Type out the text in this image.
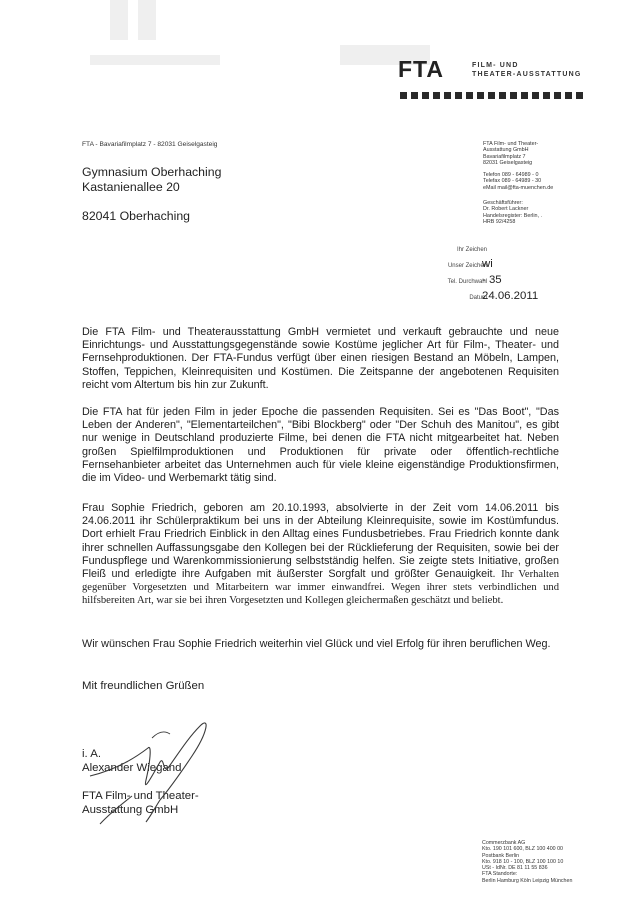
FTA	FILM- UND
THEATER-AUSSTATTUNG
FTA - Bavariafilmplatz 7 - 82031 Geiselgasteig
Gymnasium Oberhaching
Kastanienallee 20
82041 Oberhaching
FTA Film- und Theater-
Ausstattung GmbH
Bavariafilmplatz 7
82031 Geiselgasteig
Telefon 089 - 64989 - 0
Telefax 089 - 64989 - 30
eMail mail@fta-muenchen.de
Geschäftsführer:
Dr. Robert Lackner
Handelsregister: Berlin, .
HRB 92/4258
Ihr Zeichen
Unser Zeichen
wi
Tel. Durchwahl
- 35
Datum
24.06.2011
Die FTA Film- und Theaterausstattung GmbH vermietet und verkauft gebrauchte und neue Einrichtungs- und Ausstattungsgegenstände sowie Kostüme jeglicher Art für Film-, Theater- und Fernsehproduktionen. Der FTA-Fundus verfügt über einen riesigen Bestand an Möbeln, Lampen, Stoffen, Teppichen, Kleinrequisiten und Kostümen. Die Zeitspanne der angebotenen Requisiten reicht vom Altertum bis hin zur Zukunft.
Die FTA hat für jeden Film in jeder Epoche die passenden Requisiten. Sei es "Das Boot", "Das Leben der Anderen", "Elementarteilchen", "Bibi Blockberg" oder "Der Schuh des Manitou", es gibt nur wenige in Deutschland produzierte Filme, bei denen die FTA nicht mitgearbeitet hat. Neben großen Spielfilmproduktionen und Produktionen für private oder öffentlich-rechtliche Fernsehanbieter arbeitet das Unternehmen auch für viele kleine eigenständige Produktionsfirmen, die im Video- und Werbemarkt tätig sind.
Frau Sophie Friedrich, geboren am 20.10.1993, absolvierte in der Zeit vom 14.06.2011 bis 24.06.2011 ihr Schülerpraktikum bei uns in der Abteilung Kleinrequisite, sowie im Kostümfundus. Dort erhielt Frau Friedrich Einblick in den Alltag eines Fundusbetriebes. Frau Friedrich konnte dank ihrer schnellen Auffassungsgabe den Kollegen bei der Rücklieferung der Requisiten, sowie bei der Funduspflege und Warenkommissionierung selbstständig helfen. Sie zeigte stets Initiative, großen Fleiß und erledigte ihre Aufgaben mit äußerster Sorgfalt und größter Genauigkeit. Ihr Verhalten gegenüber Vorgesetzten und Mitarbeitern war immer einwandfrei. Wegen ihrer stets verbindlichen und hilfsbereiten Art, war sie bei ihren Vorgesetzten und Kollegen gleichermaßen geschätzt und beliebt.
Wir wünschen Frau Sophie Friedrich weiterhin viel Glück und viel Erfolg für ihren beruflichen Weg.
Mit freundlichen Grüßen
i. A.
Alexander Wiegand
FTA Film- und Theater-
Ausstattung GmbH
Commerzbank AG
Kto. 190 101 600, BLZ 100 400 00
Postbank Berlin
Kto. 918 10 - 100, BLZ 100 100 10
USt - IdNr. DE 81 11 55 836
FTA Standorte:
Berlin Hamburg Köln Leipzig München
